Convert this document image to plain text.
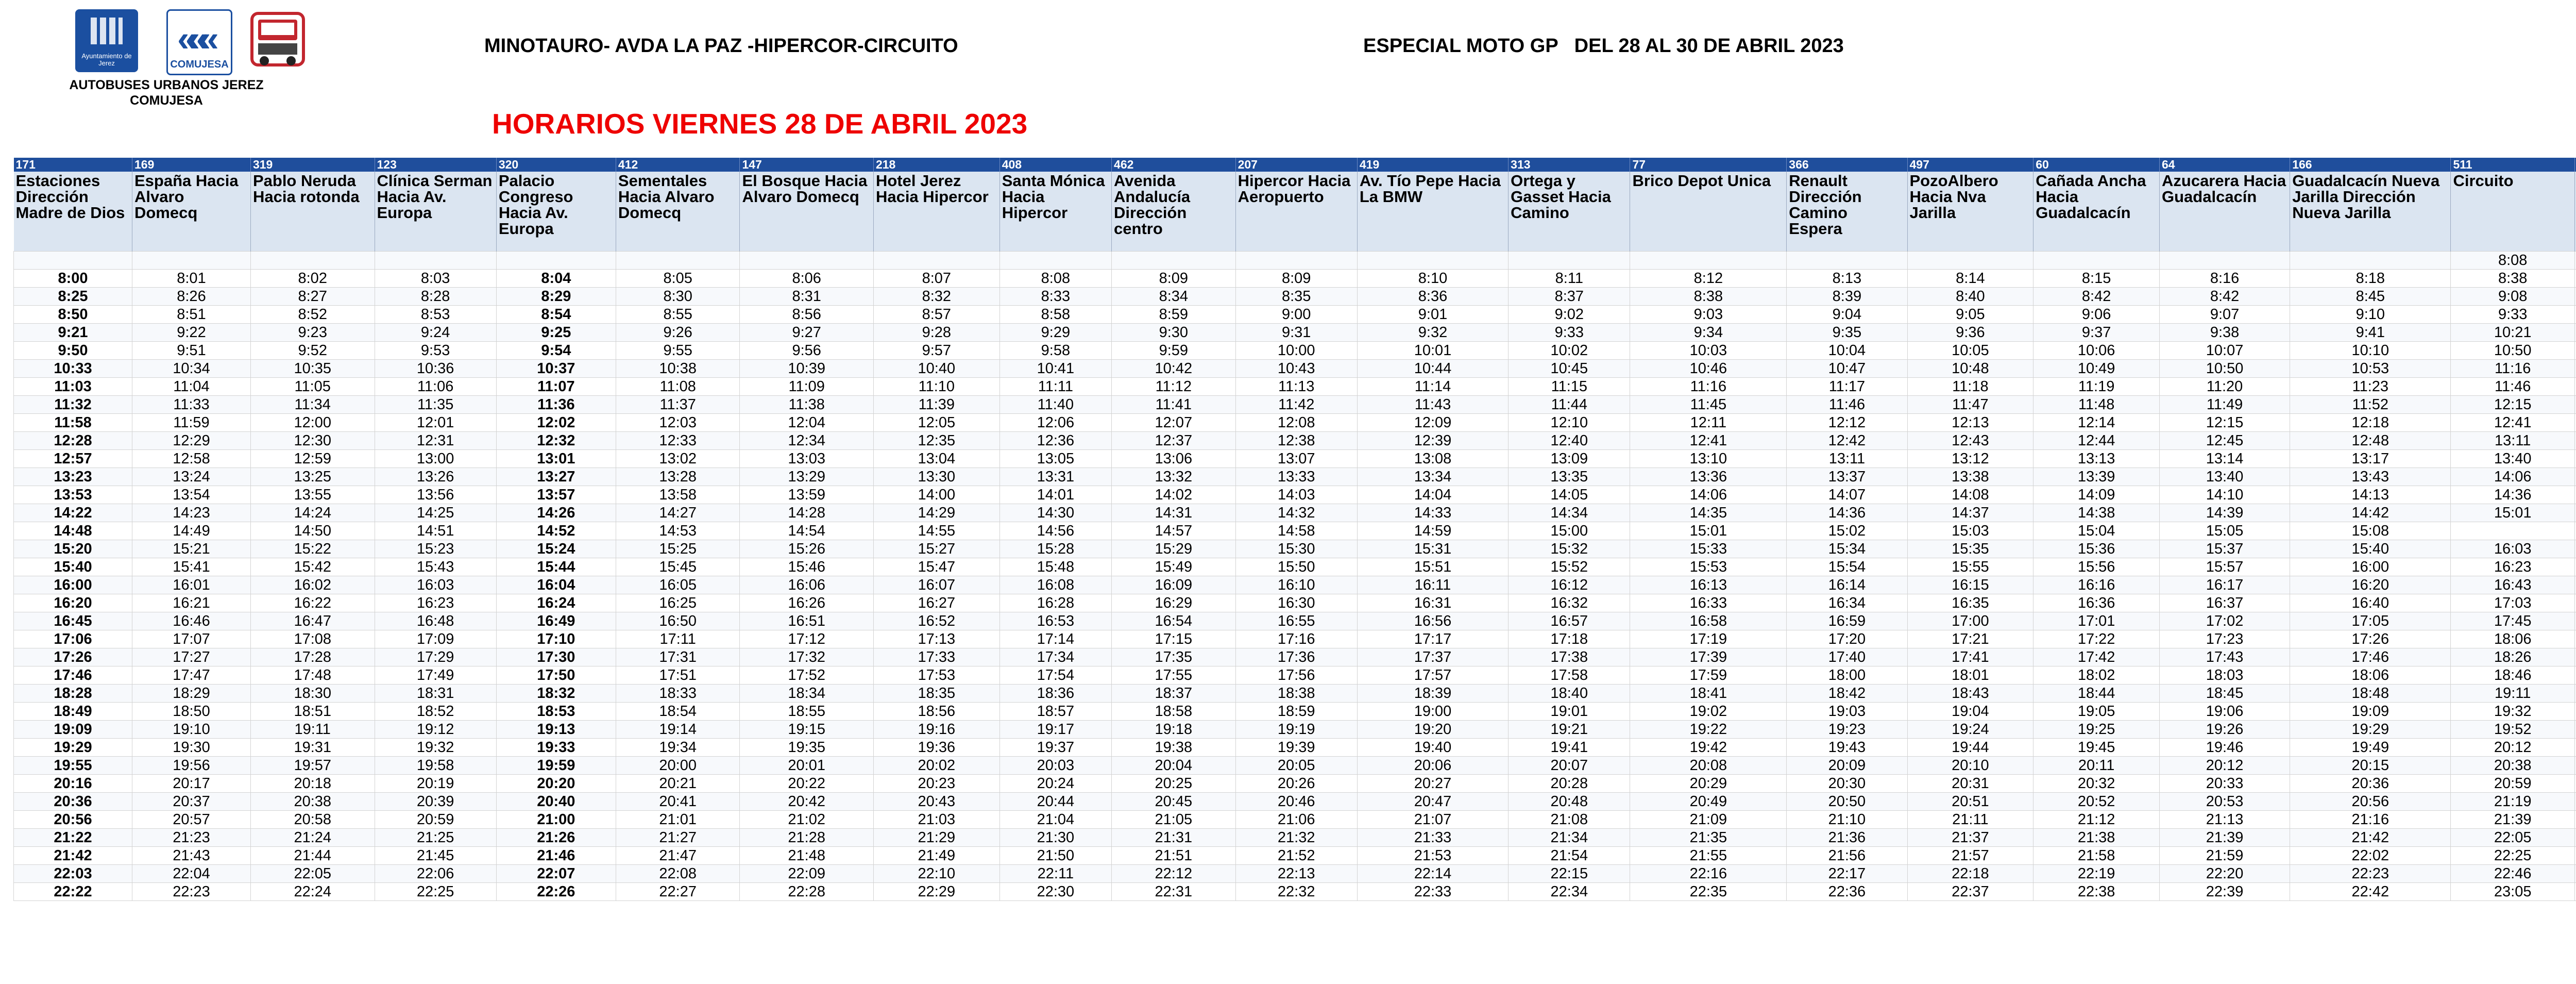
Ayuntamiento de Jerez
«««
COMUJESA
AUTOBUSES URBANOS JEREZ
COMUJESA
MINOTAURO- AVDA LA PAZ -HIPERCOR-CIRCUITO	ESPECIAL MOTO GP   DEL 28 AL 30 DE ABRIL 2023
HORARIOS VIERNES 28 DE ABRIL 2023
171	169	319	123	320	412	147	218	408	462	207	419	313	77	366	497	60	64	166	511											
Estaciones Dirección Madre de Dios	España Hacia Alvaro Domecq	Pablo Neruda Hacia rotonda	Clínica Serman Hacia Av. Europa	Palacio Congreso Hacia Av. Europa	Sementales Hacia Alvaro Domecq	El Bosque Hacia Alvaro Domecq	Hotel Jerez Hacia Hipercor	Santa Mónica Hacia Hipercor	Avenida Andalucía Dirección centro	Hipercor Hacia Aeropuerto	Av. Tío Pepe Hacia La BMW	Ortega y Gasset Hacia Camino	Brico Depot Unica	Renault Dirección Camino Espera	PozoAlbero Hacia Nva Jarilla	Cañada Ancha Hacia Guadalcacín	Azucarera Hacia Guadalcacín	Guadalcacín Nueva Jarilla Dirección Nueva Jarilla	Circuito											
																			8:08											
8:00	8:01	8:02	8:03	8:04	8:05	8:06	8:07	8:08	8:09	8:09	8:10	8:11	8:12	8:13	8:14	8:15	8:16	8:18	8:38											
8:25	8:26	8:27	8:28	8:29	8:30	8:31	8:32	8:33	8:34	8:35	8:36	8:37	8:38	8:39	8:40	8:42	8:42	8:45	9:08											
8:50	8:51	8:52	8:53	8:54	8:55	8:56	8:57	8:58	8:59	9:00	9:01	9:02	9:03	9:04	9:05	9:06	9:07	9:10	9:33											
9:21	9:22	9:23	9:24	9:25	9:26	9:27	9:28	9:29	9:30	9:31	9:32	9:33	9:34	9:35	9:36	9:37	9:38	9:41	10:21											
9:50	9:51	9:52	9:53	9:54	9:55	9:56	9:57	9:58	9:59	10:00	10:01	10:02	10:03	10:04	10:05	10:06	10:07	10:10	10:50											
10:33	10:34	10:35	10:36	10:37	10:38	10:39	10:40	10:41	10:42	10:43	10:44	10:45	10:46	10:47	10:48	10:49	10:50	10:53	11:16											
11:03	11:04	11:05	11:06	11:07	11:08	11:09	11:10	11:11	11:12	11:13	11:14	11:15	11:16	11:17	11:18	11:19	11:20	11:23	11:46											
11:32	11:33	11:34	11:35	11:36	11:37	11:38	11:39	11:40	11:41	11:42	11:43	11:44	11:45	11:46	11:47	11:48	11:49	11:52	12:15											
11:58	11:59	12:00	12:01	12:02	12:03	12:04	12:05	12:06	12:07	12:08	12:09	12:10	12:11	12:12	12:13	12:14	12:15	12:18	12:41											
12:28	12:29	12:30	12:31	12:32	12:33	12:34	12:35	12:36	12:37	12:38	12:39	12:40	12:41	12:42	12:43	12:44	12:45	12:48	13:11											
12:57	12:58	12:59	13:00	13:01	13:02	13:03	13:04	13:05	13:06	13:07	13:08	13:09	13:10	13:11	13:12	13:13	13:14	13:17	13:40											
13:23	13:24	13:25	13:26	13:27	13:28	13:29	13:30	13:31	13:32	13:33	13:34	13:35	13:36	13:37	13:38	13:39	13:40	13:43	14:06											
13:53	13:54	13:55	13:56	13:57	13:58	13:59	14:00	14:01	14:02	14:03	14:04	14:05	14:06	14:07	14:08	14:09	14:10	14:13	14:36											
14:22	14:23	14:24	14:25	14:26	14:27	14:28	14:29	14:30	14:31	14:32	14:33	14:34	14:35	14:36	14:37	14:38	14:39	14:42	15:01											
14:48	14:49	14:50	14:51	14:52	14:53	14:54	14:55	14:56	14:57	14:58	14:59	15:00	15:01	15:02	15:03	15:04	15:05	15:08												
15:20	15:21	15:22	15:23	15:24	15:25	15:26	15:27	15:28	15:29	15:30	15:31	15:32	15:33	15:34	15:35	15:36	15:37	15:40	16:03											
15:40	15:41	15:42	15:43	15:44	15:45	15:46	15:47	15:48	15:49	15:50	15:51	15:52	15:53	15:54	15:55	15:56	15:57	16:00	16:23											
16:00	16:01	16:02	16:03	16:04	16:05	16:06	16:07	16:08	16:09	16:10	16:11	16:12	16:13	16:14	16:15	16:16	16:17	16:20	16:43											
16:20	16:21	16:22	16:23	16:24	16:25	16:26	16:27	16:28	16:29	16:30	16:31	16:32	16:33	16:34	16:35	16:36	16:37	16:40	17:03											
16:45	16:46	16:47	16:48	16:49	16:50	16:51	16:52	16:53	16:54	16:55	16:56	16:57	16:58	16:59	17:00	17:01	17:02	17:05	17:45											
17:06	17:07	17:08	17:09	17:10	17:11	17:12	17:13	17:14	17:15	17:16	17:17	17:18	17:19	17:20	17:21	17:22	17:23	17:26	18:06											
17:26	17:27	17:28	17:29	17:30	17:31	17:32	17:33	17:34	17:35	17:36	17:37	17:38	17:39	17:40	17:41	17:42	17:43	17:46	18:26											
17:46	17:47	17:48	17:49	17:50	17:51	17:52	17:53	17:54	17:55	17:56	17:57	17:58	17:59	18:00	18:01	18:02	18:03	18:06	18:46											
18:28	18:29	18:30	18:31	18:32	18:33	18:34	18:35	18:36	18:37	18:38	18:39	18:40	18:41	18:42	18:43	18:44	18:45	18:48	19:11											
18:49	18:50	18:51	18:52	18:53	18:54	18:55	18:56	18:57	18:58	18:59	19:00	19:01	19:02	19:03	19:04	19:05	19:06	19:09	19:32											
19:09	19:10	19:11	19:12	19:13	19:14	19:15	19:16	19:17	19:18	19:19	19:20	19:21	19:22	19:23	19:24	19:25	19:26	19:29	19:52											
19:29	19:30	19:31	19:32	19:33	19:34	19:35	19:36	19:37	19:38	19:39	19:40	19:41	19:42	19:43	19:44	19:45	19:46	19:49	20:12											
19:55	19:56	19:57	19:58	19:59	20:00	20:01	20:02	20:03	20:04	20:05	20:06	20:07	20:08	20:09	20:10	20:11	20:12	20:15	20:38											
20:16	20:17	20:18	20:19	20:20	20:21	20:22	20:23	20:24	20:25	20:26	20:27	20:28	20:29	20:30	20:31	20:32	20:33	20:36	20:59											
20:36	20:37	20:38	20:39	20:40	20:41	20:42	20:43	20:44	20:45	20:46	20:47	20:48	20:49	20:50	20:51	20:52	20:53	20:56	21:19											
20:56	20:57	20:58	20:59	21:00	21:01	21:02	21:03	21:04	21:05	21:06	21:07	21:08	21:09	21:10	21:11	21:12	21:13	21:16	21:39											
21:22	21:23	21:24	21:25	21:26	21:27	21:28	21:29	21:30	21:31	21:32	21:33	21:34	21:35	21:36	21:37	21:38	21:39	21:42	22:05											
21:42	21:43	21:44	21:45	21:46	21:47	21:48	21:49	21:50	21:51	21:52	21:53	21:54	21:55	21:56	21:57	21:58	21:59	22:02	22:25											
22:03	22:04	22:05	22:06	22:07	22:08	22:09	22:10	22:11	22:12	22:13	22:14	22:15	22:16	22:17	22:18	22:19	22:20	22:23	22:46											
22:22	22:23	22:24	22:25	22:26	22:27	22:28	22:29	22:30	22:31	22:32	22:33	22:34	22:35	22:36	22:37	22:38	22:39	22:42	23:05											
